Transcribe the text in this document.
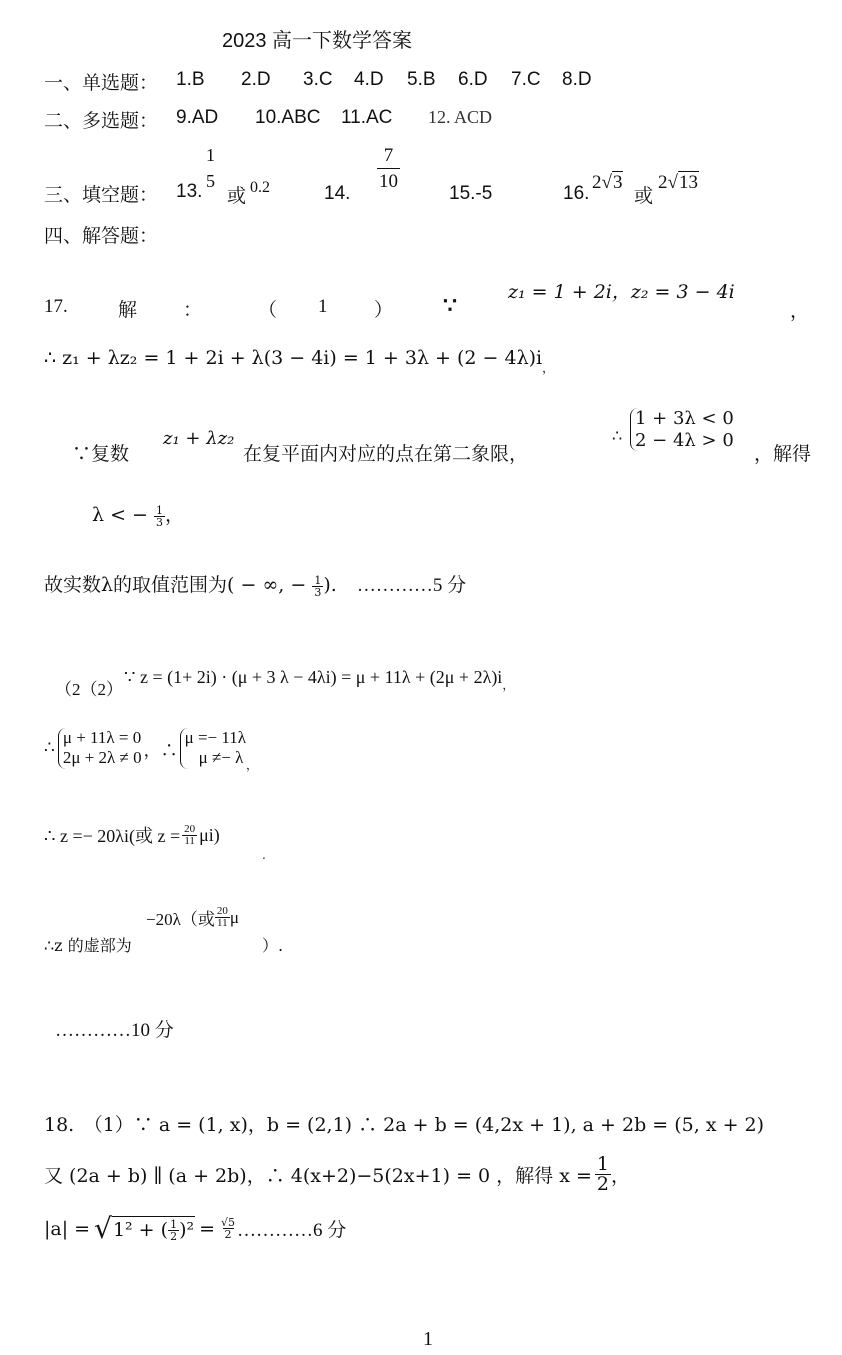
2023 高一下数学答案
一、单选题： 1.B 2.D 3.C 4.D 5.B 6.D 7.C 8.D
二、多选题： 9.AD 10.ABC 11.AC 12. ACD
三、填空题： 13.
1
5
或 0.2	14.
$\frac{7}{10}$
15.-5	16.
2√3
或
2√13
四、解答题：
17.	解 ：	（ 1 ） ∵
z₁ = 1 + 2i，z₂ = 3 − 4i
，
∴ $z_1 + \lambda z_2 = 1 + 2i + \lambda(3 - 4i) = 1 + 3\lambda + (2 - 4\lambda)i_,$
∵复数
z₁ + λz₂
在复平面内对应的点在第二象限，
∴
1 + 3λ < 0
2 − 4λ > 0
，解得
λ < − $\frac{1}{3}$ ，
故实数λ的取值范围为( − ∞, − $\frac{1}{3}$ ). …………5 分
（2（2）
∵ z = (1+ 2i) · (μ + 3 $\lambda - 4\lambda i) = \mu + 11\lambda + (2\mu + 2\lambda)i_,$
∴
μ + 11λ = 0
2μ + 2λ ≠ 0 ，∴
μ =− 11λ
μ ≠− λ ，
∴ z =− 20λi(或 $z = \frac{20}{11} \mu i$)
.
∴z 的虚部为
−20λ（或 $\frac{20}{11}$ μ
）.
…………10 分
18.　（1）∵ a = (1, x)，b = (2,1) ∴ 2a + b = (4,2x + 1), a + 2b = (5, x + 2)
又 (2a + b) ∥ (a + 2b)，∴ 4(x+2)−5(2x+1) = 0 ，解得 $x = \frac{1}{2}$ ，
|a| = √ 1² + ( $\frac{1}{2} )^2 = \frac{√5}{2}$ …………6 分
1
